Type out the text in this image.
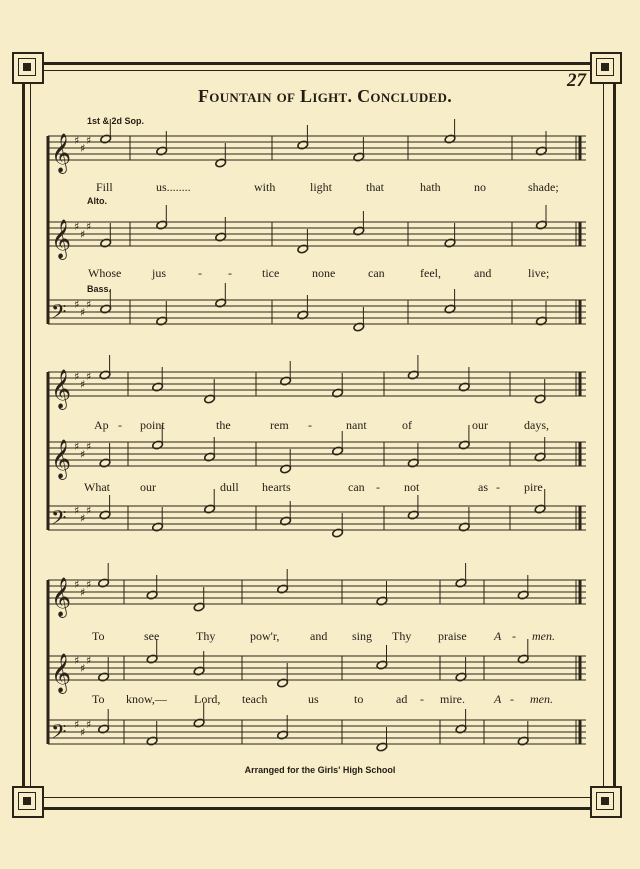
27
Fountain of Light. Concluded.
𝄞 ♯
♯
♯
𝄞 ♯
♯
♯
𝄢 ♯
♯
♯
𝄞 ♯
♯
♯
𝄞 ♯
♯
♯
𝄢 ♯
♯
♯
𝄞 ♯
♯
♯
𝄞 ♯
♯
♯
𝄢 ♯
♯
♯
1st & 2d Sop.
Alto.
Bass.
Fill	us........	with	light	that	hath	no	shade;
Whose	jus	- -	tice	none	can	feel,	and	live;
Ap - point	the	rem -	nant	of	our	days,
What	our	dull hearts	can - not	as - pire
To	see	Thy	pow'r,	and sing Thy praise A - men.
To know,— Lord, teach	us	to	ad - mire. A - men.
Arranged for the Girls' High School
